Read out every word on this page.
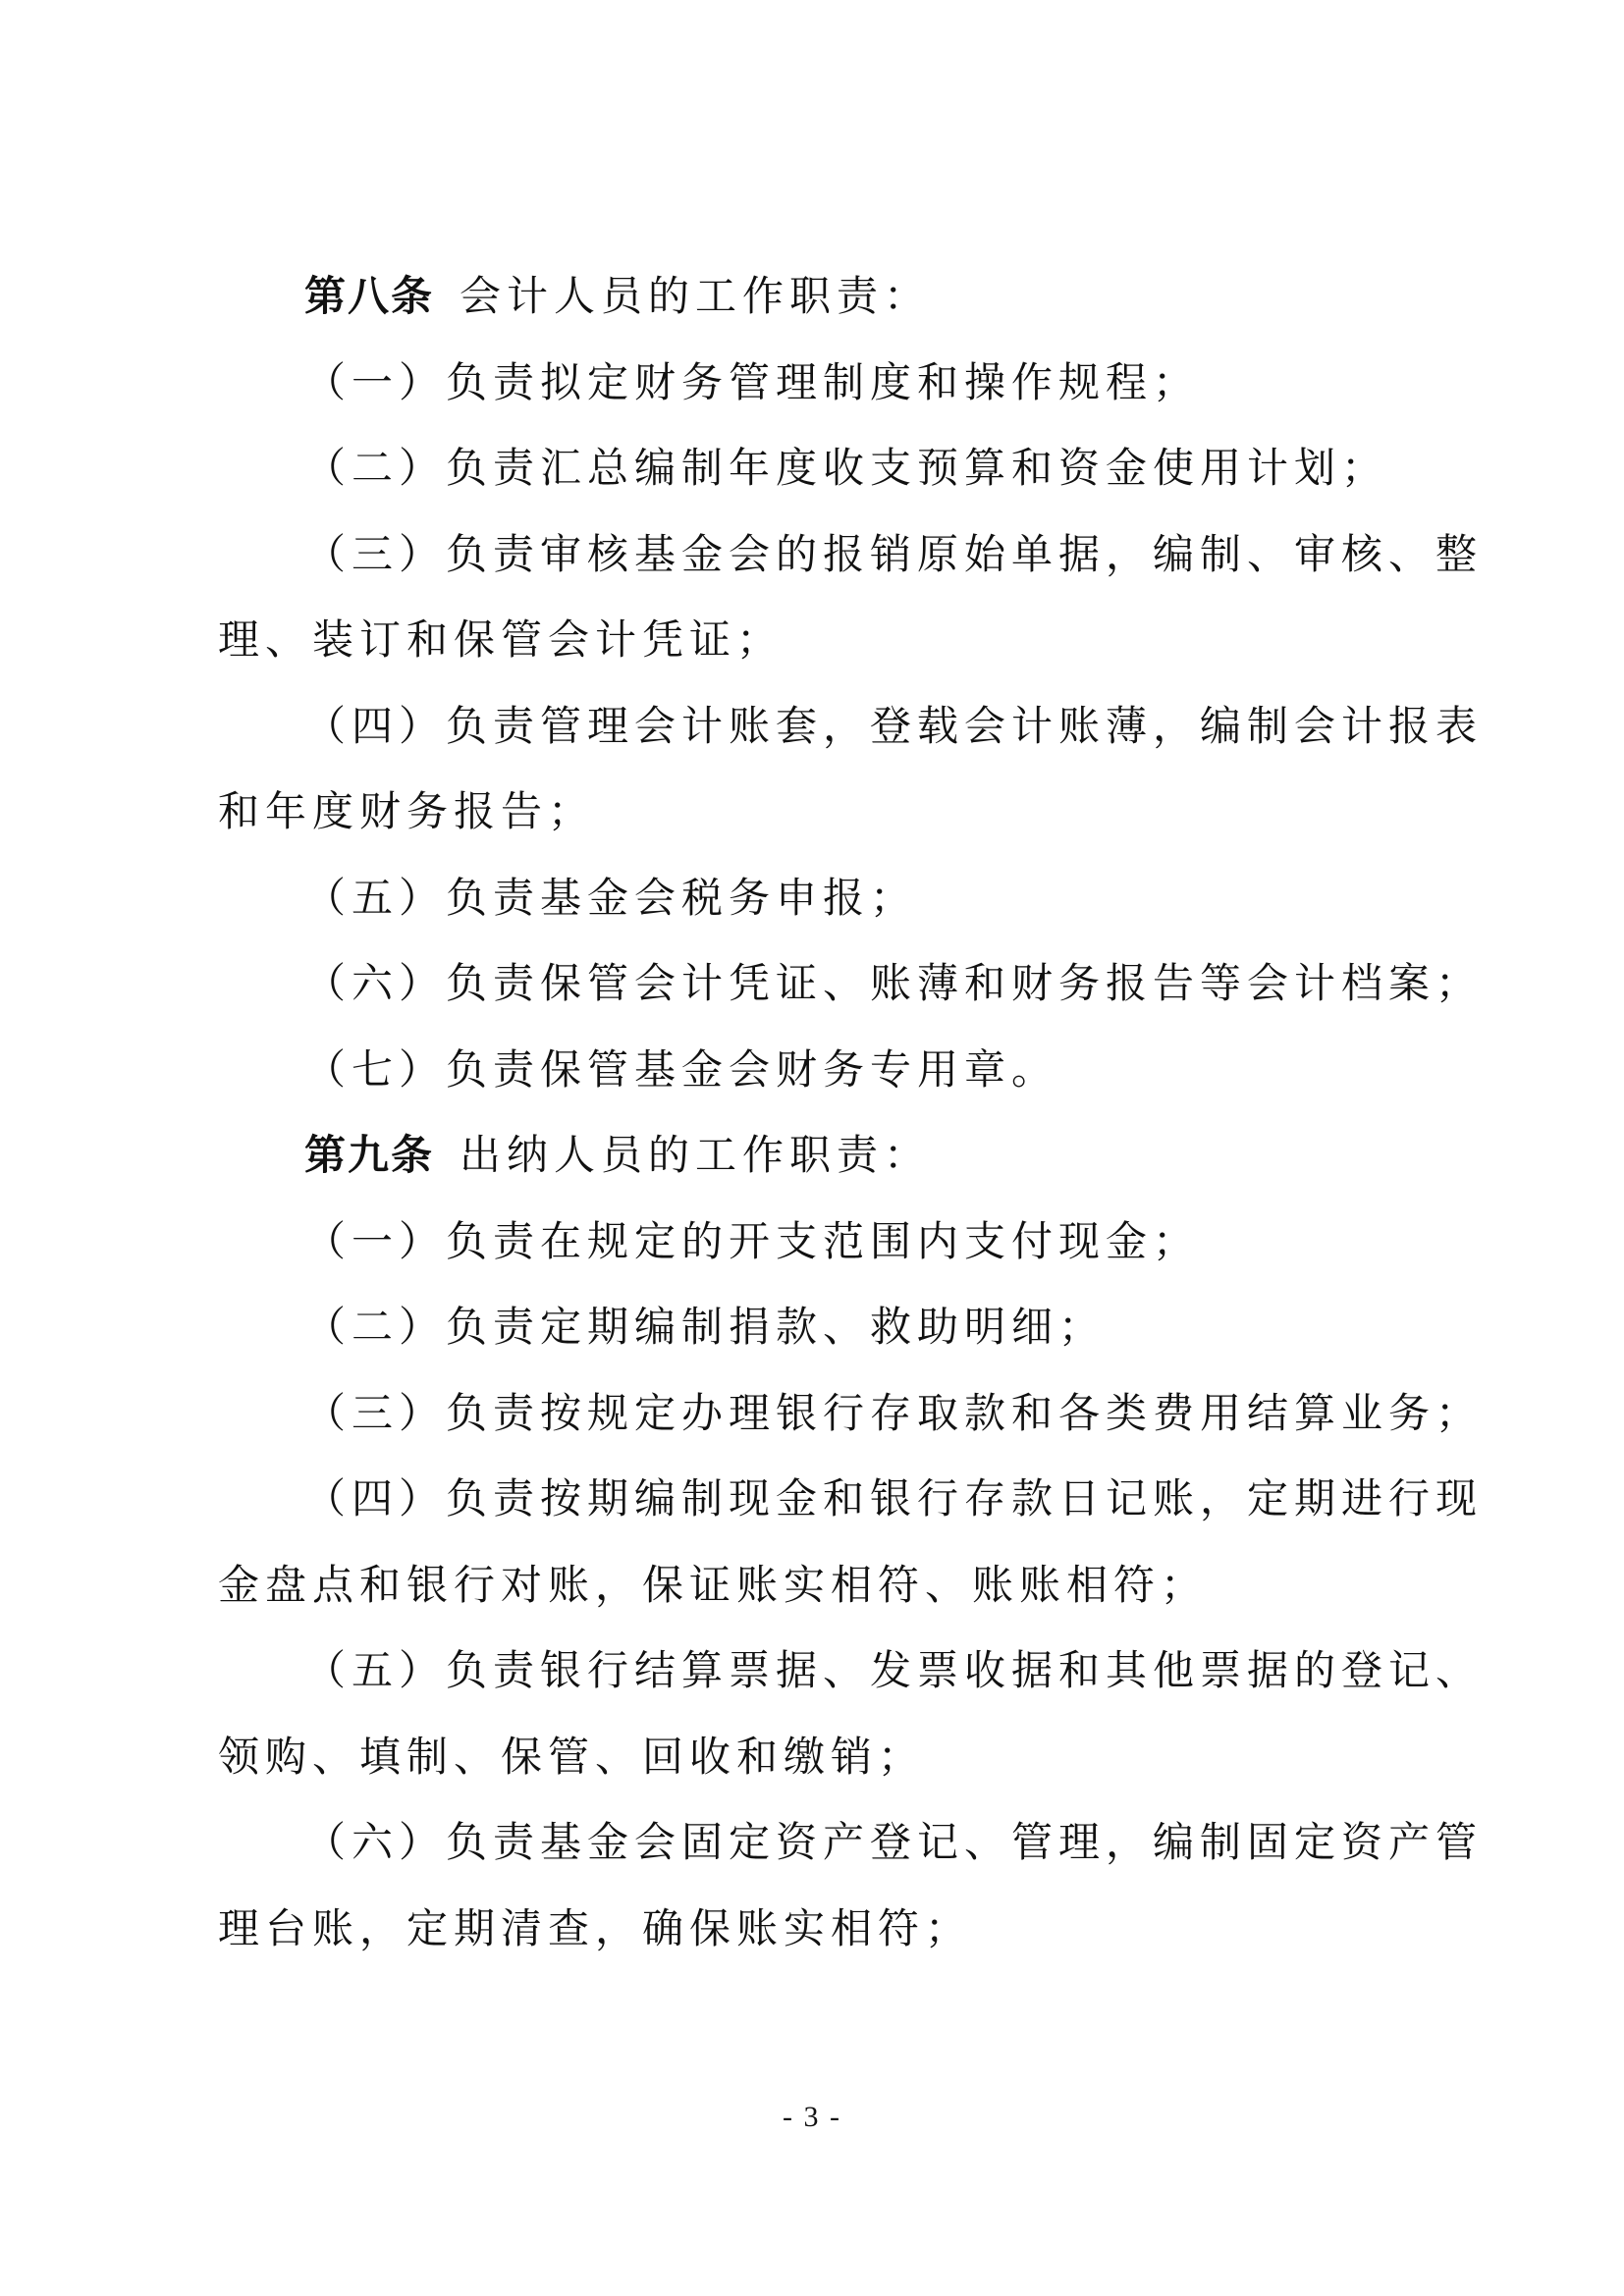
第八条 会计人员的工作职责：
（一）负责拟定财务管理制度和操作规程；
（二）负责汇总编制年度收支预算和资金使用计划；
（三）负责审核基金会的报销原始单据，编制、审核、整
理、装订和保管会计凭证；
（四）负责管理会计账套，登载会计账薄，编制会计报表
和年度财务报告；
（五）负责基金会税务申报；
（六）负责保管会计凭证、账薄和财务报告等会计档案；
（七）负责保管基金会财务专用章。
第九条 出纳人员的工作职责：
（一）负责在规定的开支范围内支付现金；
（二）负责定期编制捐款、救助明细；
（三）负责按规定办理银行存取款和各类费用结算业务；
（四）负责按期编制现金和银行存款日记账，定期进行现
金盘点和银行对账，保证账实相符、账账相符；
（五）负责银行结算票据、发票收据和其他票据的登记、
领购、填制、保管、回收和缴销；
（六）负责基金会固定资产登记、管理，编制固定资产管
理台账，定期清查，确保账实相符；
- 3 -
